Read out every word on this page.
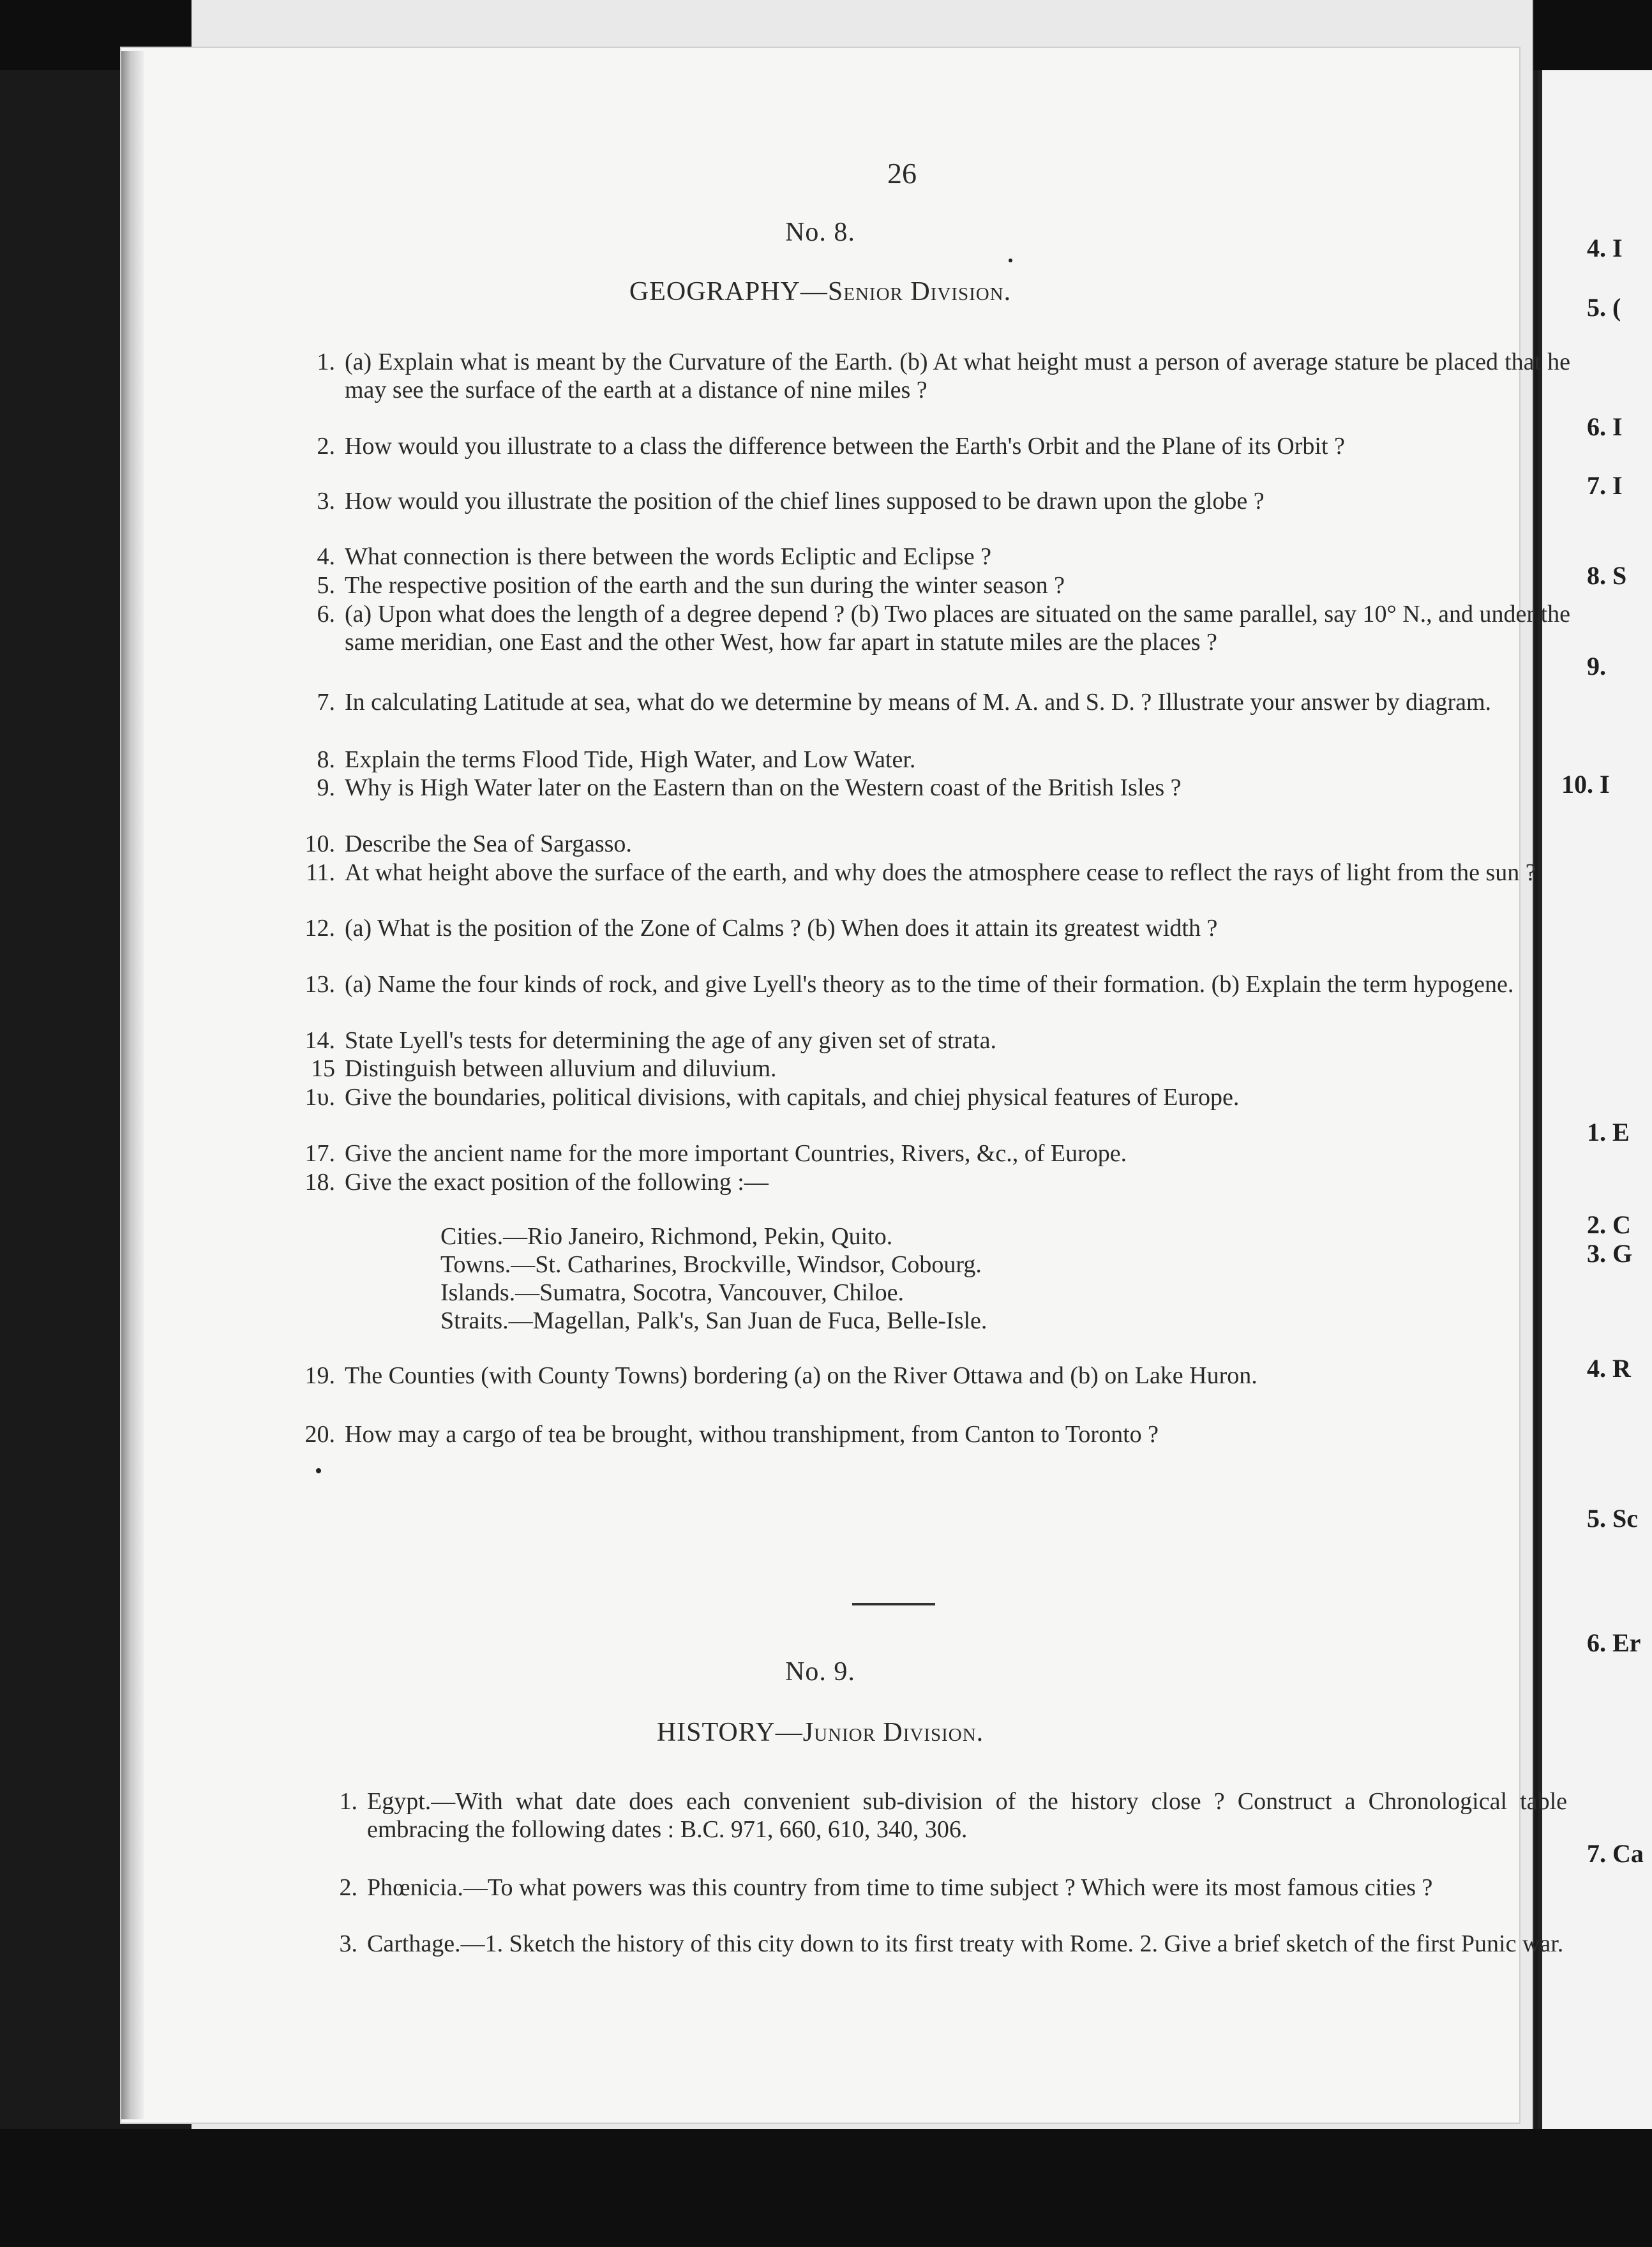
4. I
5. (
6. I
7. I
8. S
9.
10. I
1. E
2. C
3. G
4. R
5. Sc
6. Er
7. Ca
26
No. 8.
GEOGRAPHY—Senior Division.

1. (a) Explain what is meant by the Curvature of the Earth. (b) At what height must a person of average stature be placed that he may see the surface of the earth at a distance of nine miles ?

2. How would you illustrate to a class the difference between the Earth's Orbit and the Plane of its Orbit ?

3. How would you illustrate the position of the chief lines supposed to be drawn upon the globe ?

4. What connection is there between the words Ecliptic and Eclipse ?

5. The respective position of the earth and the sun during the winter season ?

6. (a) Upon what does the length of a degree depend ? (b) Two places are situated on the same parallel, say 10° N., and under the same meridian, one East and the other West, how far apart in statute miles are the places ?

7. In calculating Latitude at sea, what do we determine by means of M. A. and S. D. ? Illustrate your answer by diagram.

8. Explain the terms Flood Tide, High Water, and Low Water.

9. Why is High Water later on the Eastern than on the Western coast of the British Isles ?

10. Describe the Sea of Sargasso.

11. At what height above the surface of the earth, and why does the atmosphere cease to reflect the rays of light from the sun ?

12. (a) What is the position of the Zone of Calms ? (b) When does it attain its greatest width ?

13. (a) Name the four kinds of rock, and give Lyell's theory as to the time of their formation. (b) Explain the term hypogene.

14. State Lyell's tests for determining the age of any given set of strata.

15 Distinguish between alluvium and diluvium.

1υ. Give the boundaries, political divisions, with capitals, and chiej physical features of Europe.

17. Give the ancient name for the more important Countries, Rivers, &c., of Europe.

18. Give the exact position of the following :—

Cities.—Rio Janeiro, Richmond, Pekin, Quito.
Towns.—St. Catharines, Brockville, Windsor, Cobourg.
Islands.—Sumatra, Socotra, Vancouver, Chiloe.
Straits.—Magellan, Palk's, San Juan de Fuca, Belle-Isle.

19. The Counties (with County Towns) bordering (a) on the River Ottawa and (b) on Lake Huron.

20. How may a cargo of tea be brought, withou transhipment, from Canton to Toronto ?

No. 9.
HISTORY—Junior Division.

1. Egypt.—With what date does each convenient sub-division of the history close ? Construct a Chronological table embracing the following dates : B.C. 971, 660, 610, 340, 306.

2. Phœnicia.—To what powers was this country from time to time subject ? Which were its most famous cities ?

3. Carthage.—1. Sketch the history of this city down to its first treaty with Rome. 2. Give a brief sketch of the first Punic war.
